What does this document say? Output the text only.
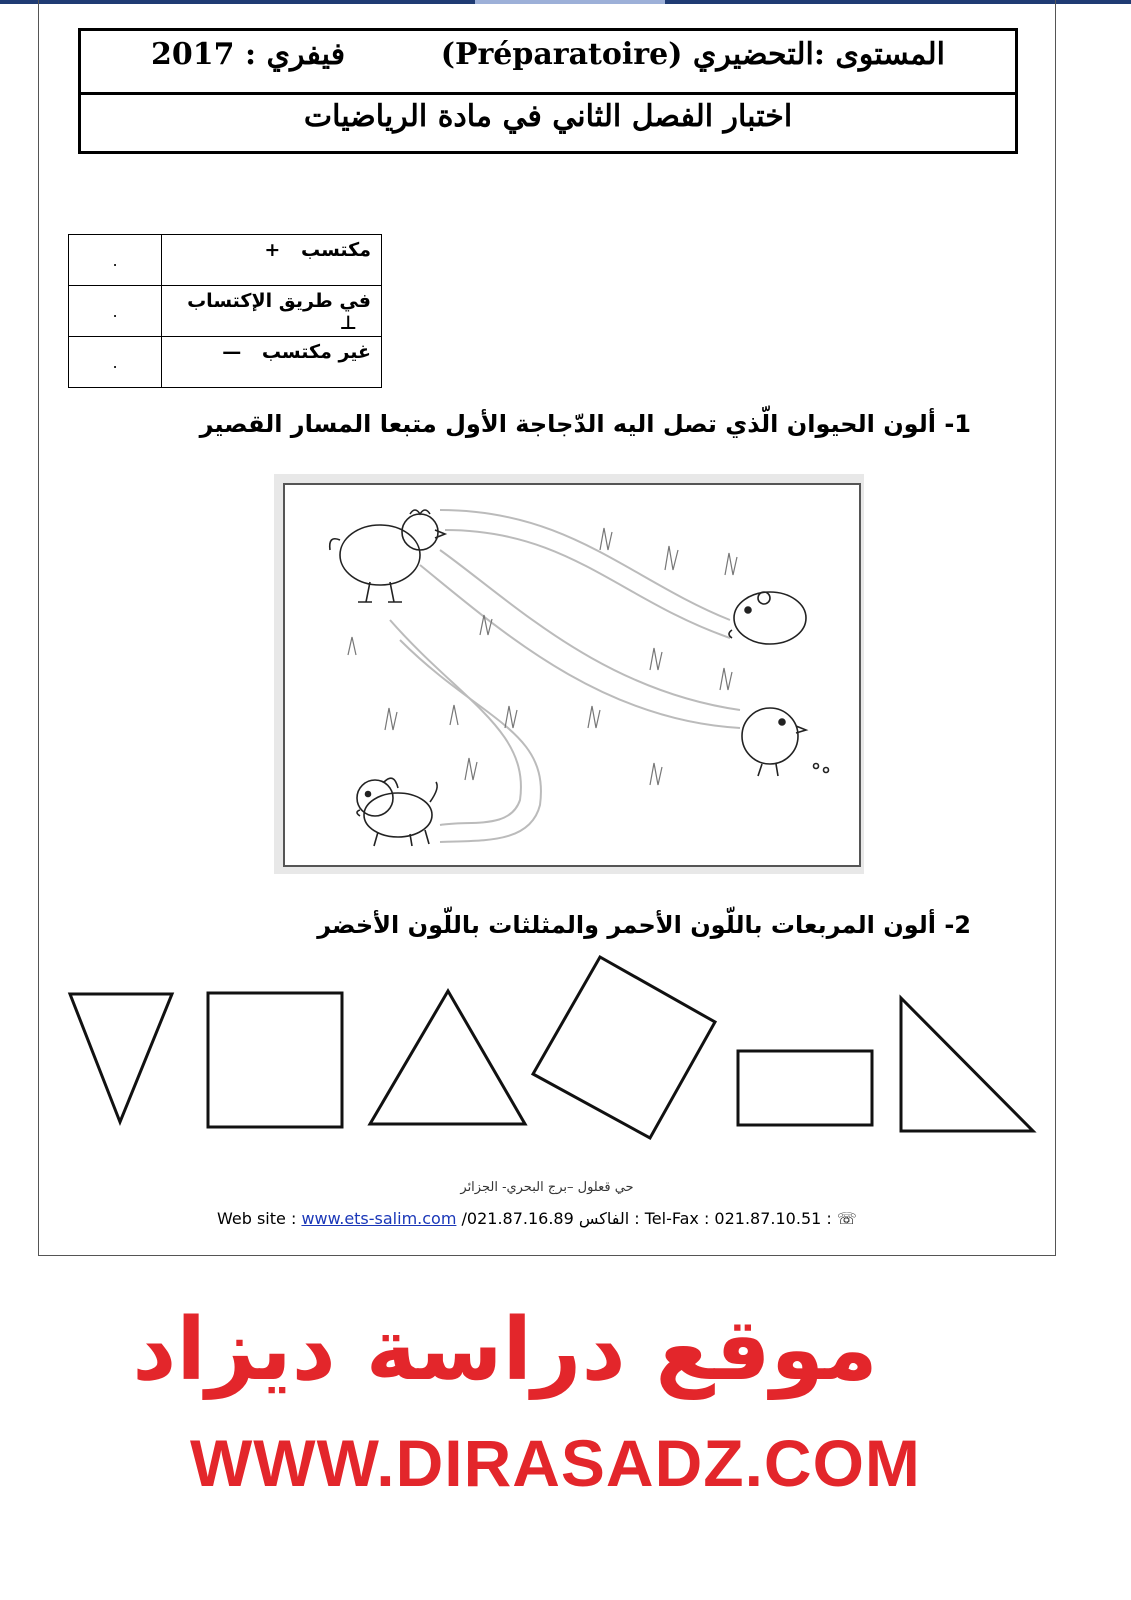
المستوى :التحضيري (Préparatoire)
فيفري : 2017
اختبار الفصل الثاني في مادة الرياضيات
.	مكتسب +
.	في طريق الإكتساب ⊥
.	غير مكتسب —
1- ألون الحيوان الّذي تصل اليه الدّجاجة الأول متبعا المسار القصير
2- ألون المربعات باللّون الأحمر والمثلثات باللّون الأخضر
حي قعلول –برج البحري- الجزائر
Web site : www.ets-salim.com /021.87.16.89 الفاكس : Tel-Fax : 021.87.10.51 : ☏
موقع دراسة ديزاد
WWW.DIRASADZ.COM
